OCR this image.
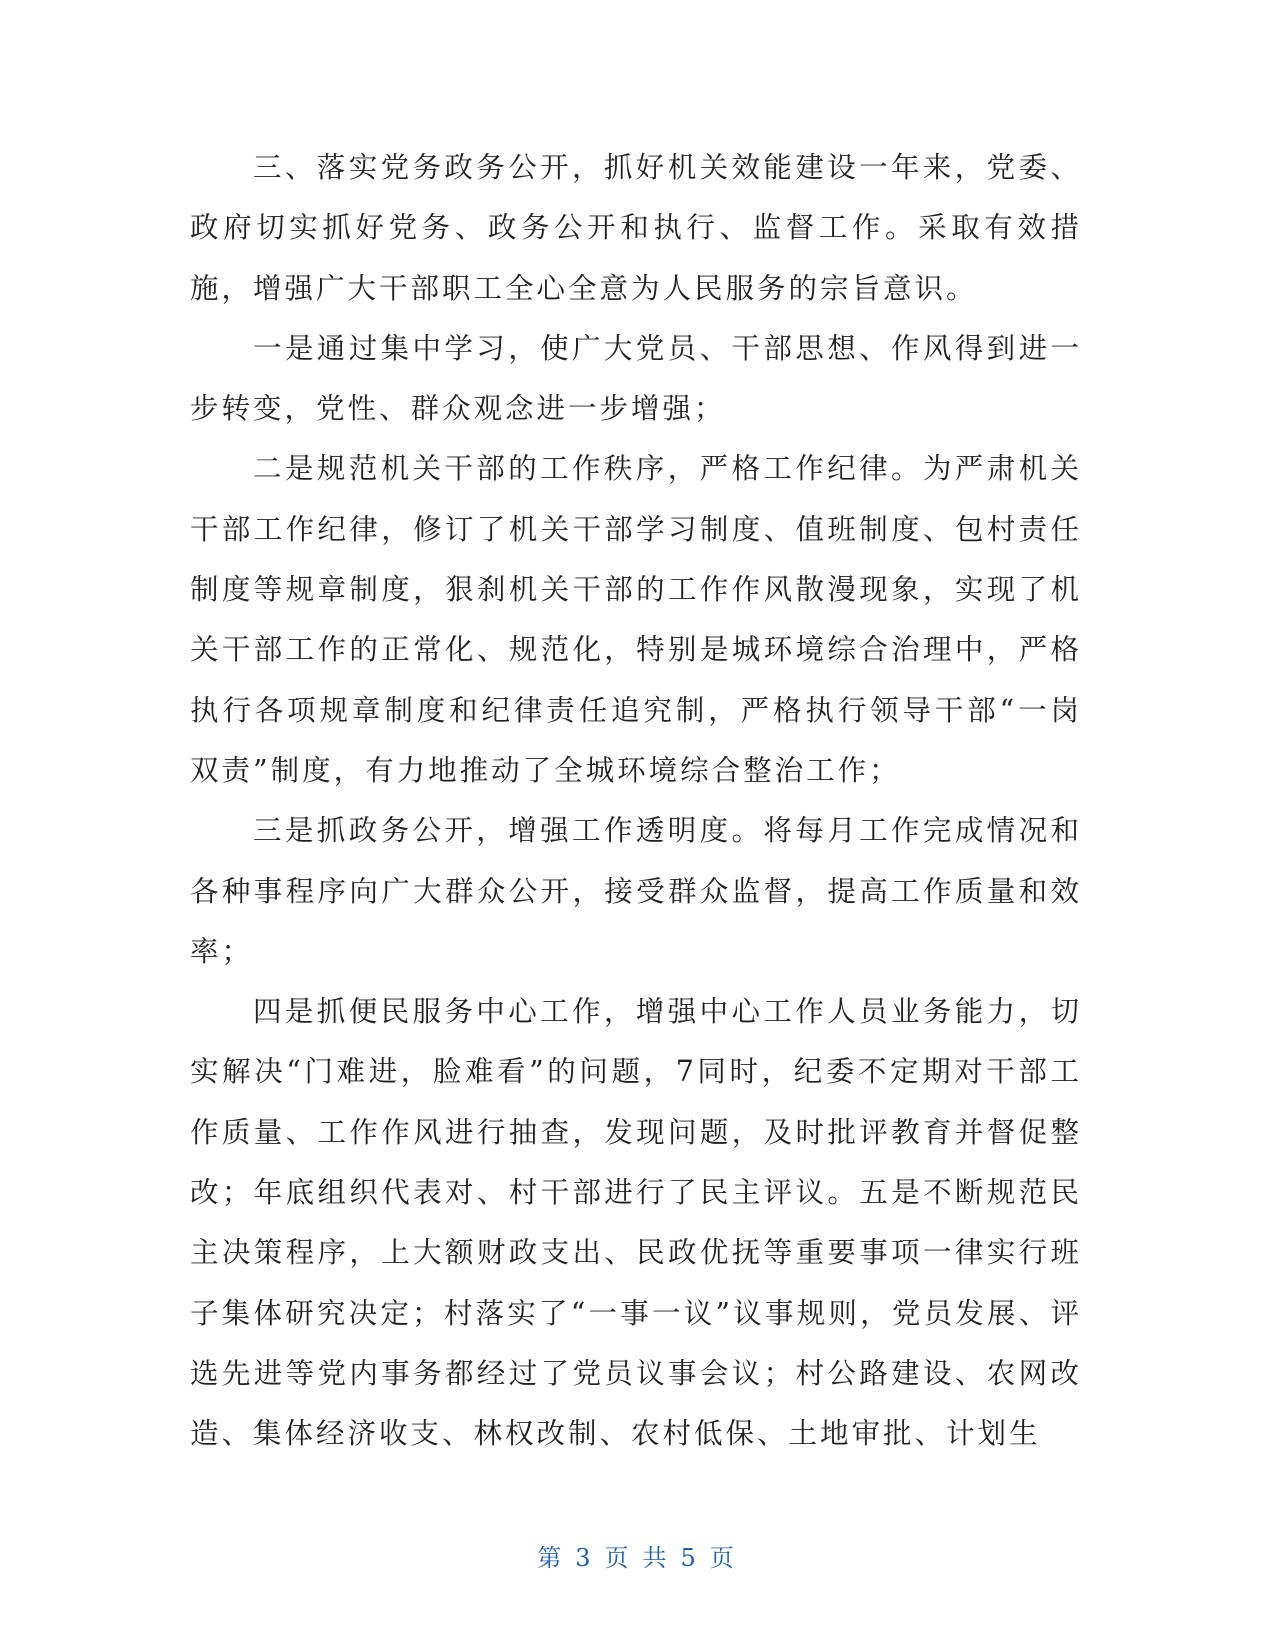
三、落实党务政务公开，抓好机关效能建设一年来，党委、政府切实抓好党务、政务公开和执行、监督工作。采取有效措施，增强广大干部职工全心全意为人民服务的宗旨意识。

一是通过集中学习，使广大党员、干部思想、作风得到进一步转变，党性、群众观念进一步增强；

二是规范机关干部的工作秩序，严格工作纪律。为严肃机关干部工作纪律，修订了机关干部学习制度、值班制度、包村责任制度等规章制度，狠刹机关干部的工作作风散漫现象，实现了机关干部工作的正常化、规范化，特别是城环境综合治理中，严格执行各项规章制度和纪律责任追究制，严格执行领导干部“一岗双责”制度，有力地推动了全城环境综合整治工作；

三是抓政务公开，增强工作透明度。将每月工作完成情况和各种事程序向广大群众公开，接受群众监督，提高工作质量和效率；

四是抓便民服务中心工作，增强中心工作人员业务能力，切实解决“门难进，脸难看”的问题，7同时，纪委不定期对干部工作质量、工作作风进行抽查，发现问题，及时批评教育并督促整改；年底组织代表对、村干部进行了民主评议。五是不断规范民主决策程序，上大额财政支出、民政优抚等重要事项一律实行班子集体研究决定；村落实了“一事一议”议事规则，党员发展、评选先进等党内事务都经过了党员议事会议；村公路建设、农网改造、集体经济收支、林权改制、农村低保、土地审批、计划生

第 3 页 共 5 页
